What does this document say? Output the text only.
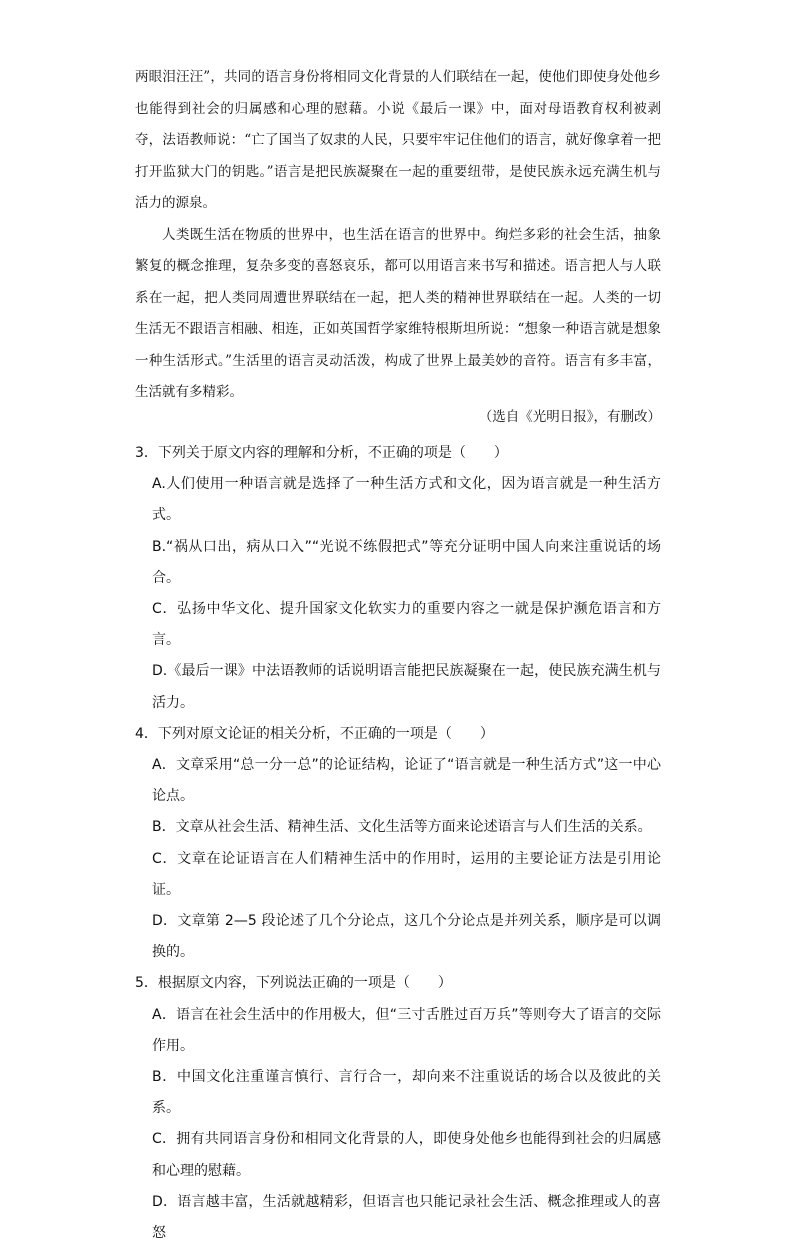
两眼泪汪汪”，共同的语言身份将相同文化背景的人们联结在一起，使他们即使身处他乡也能得到社会的归属感和心理的慰藉。小说《最后一课》中，面对母语教育权利被剥夺，法语教师说：“亡了国当了奴隶的人民，只要牢牢记住他们的语言，就好像拿着一把打开监狱大门的钥匙。”语言是把民族凝聚在一起的重要纽带，是使民族永远充满生机与活力的源泉。

人类既生活在物质的世界中，也生活在语言的世界中。绚烂多彩的社会生活，抽象繁复的概念推理，复杂多变的喜怒哀乐，都可以用语言来书写和描述。语言把人与人联系在一起，把人类同周遭世界联结在一起，把人类的精神世界联结在一起。人类的一切生活无不跟语言相融、相连，正如英国哲学家维特根斯坦所说：“想象一种语言就是想象一种生活形式。”生活里的语言灵动活泼，构成了世界上最美妙的音符。语言有多丰富，生活就有多精彩。

（选自《光明日报》，有删改）

3．下列关于原文内容的理解和分析，不正确的项是（　　）

A.人们使用一种语言就是选择了一种生活方式和文化，因为语言就是一种生活方式。

B.“祸从口出，病从口入”“光说不练假把式”等充分证明中国人向来注重说话的场合。

C．弘扬中华文化、提升国家文化软实力的重要内容之一就是保护濒危语言和方言。

D.《最后一课》中法语教师的话说明语言能把民族凝聚在一起，使民族充满生机与活力。

4．下列对原文论证的相关分析，不正确的一项是（　　）

A．文章采用“总一分一总”的论证结构，论证了“语言就是一种生活方式”这一中心论点。

B．文章从社会生活、精神生活、文化生活等方面来论述语言与人们生活的关系。

C．文章在论证语言在人们精神生活中的作用时，运用的主要论证方法是引用论证。

D．文章第 2—5 段论述了几个分论点，这几个分论点是并列关系，顺序是可以调换的。

5．根据原文内容，下列说法正确的一项是（　　）

A．语言在社会生活中的作用极大，但“三寸舌胜过百万兵”等则夸大了语言的交际作用。

B．中国文化注重谨言慎行、言行合一，却向来不注重说话的场合以及彼此的关系。

C．拥有共同语言身份和相同文化背景的人，即使身处他乡也能得到社会的归属感和心理的慰藉。

D．语言越丰富，生活就越精彩，但语言也只能记录社会生活、概念推理或人的喜怒
